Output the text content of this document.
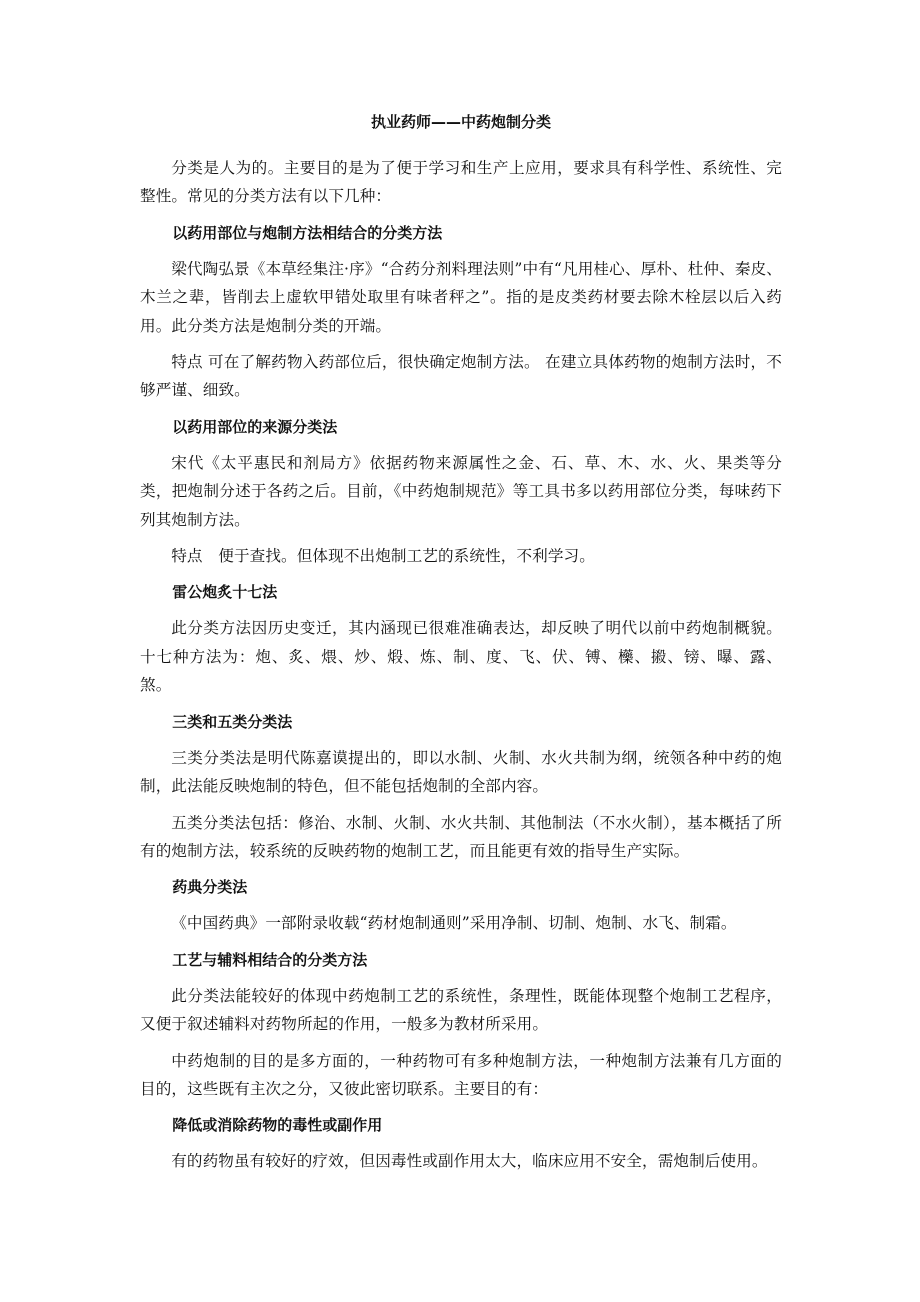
执业药师——中药炮制分类

分类是人为的。主要目的是为了便于学习和生产上应用，要求具有科学性、系统性、完整性。常见的分类方法有以下几种：

以药用部位与炮制方法相结合的分类方法

梁代陶弘景《本草经集注·序》“合药分剂料理法则”中有“凡用桂心、厚朴、杜仲、秦皮、木兰之辈，皆削去上虚软甲错处取里有味者秤之”。指的是皮类药材要去除木栓层以后入药用。此分类方法是炮制分类的开端。

特点 可在了解药物入药部位后，很快确定炮制方法。 在建立具体药物的炮制方法时，不够严谨、细致。

以药用部位的来源分类法

宋代《太平惠民和剂局方》依据药物来源属性之金、石、草、木、水、火、果类等分类，把炮制分述于各药之后。目前，《中药炮制规范》等工具书多以药用部位分类，每味药下列其炮制方法。

特点　便于查找。但体现不出炮制工艺的系统性，不利学习。

雷公炮炙十七法

此分类方法因历史变迁，其内涵现已很难准确表达，却反映了明代以前中药炮制概貌。十七种方法为：炮、炙、煨、炒、煅、炼、制、度、飞、伏、镈、㰛、摋、镑、曝、露、煞。

三类和五类分类法

三类分类法是明代陈嘉谟提出的，即以水制、火制、水火共制为纲，统领各种中药的炮制，此法能反映炮制的特色，但不能包括炮制的全部内容。

五类分类法包括：修治、水制、火制、水火共制、其他制法（不水火制），基本概括了所有的炮制方法，较系统的反映药物的炮制工艺，而且能更有效的指导生产实际。

药典分类法

《中国药典》一部附录收载“药材炮制通则”采用净制、切制、炮制、水飞、制霜。

工艺与辅料相结合的分类方法

此分类法能较好的体现中药炮制工艺的系统性，条理性，既能体现整个炮制工艺程序，又便于叙述辅料对药物所起的作用，一般多为教材所采用。

中药炮制的目的是多方面的，一种药物可有多种炮制方法，一种炮制方法兼有几方面的目的，这些既有主次之分，又彼此密切联系。主要目的有：

降低或消除药物的毒性或副作用

有的药物虽有较好的疗效，但因毒性或副作用太大，临床应用不安全，需炮制后使用。
